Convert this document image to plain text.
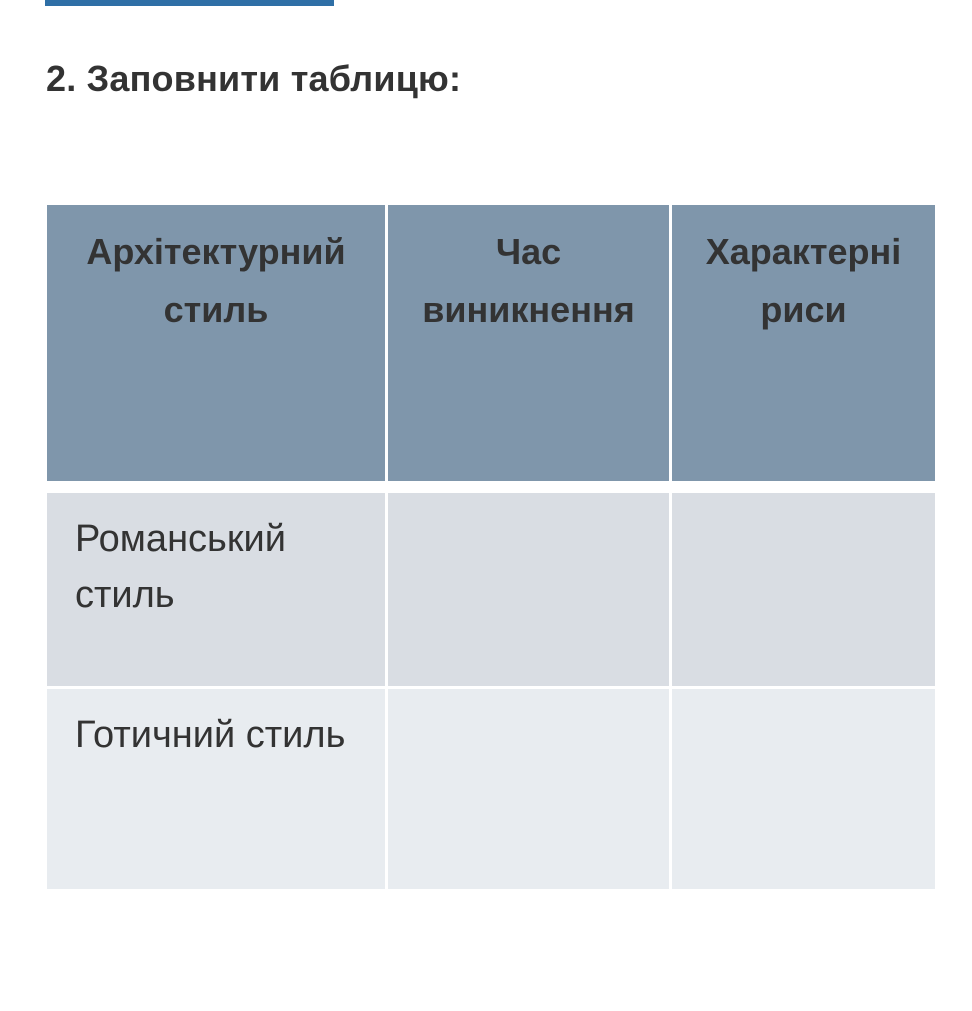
2. Заповнити таблицю:
Архітектурний стиль	Час виникнення	Характерні риси

Романський стиль		

Готичний стиль		
